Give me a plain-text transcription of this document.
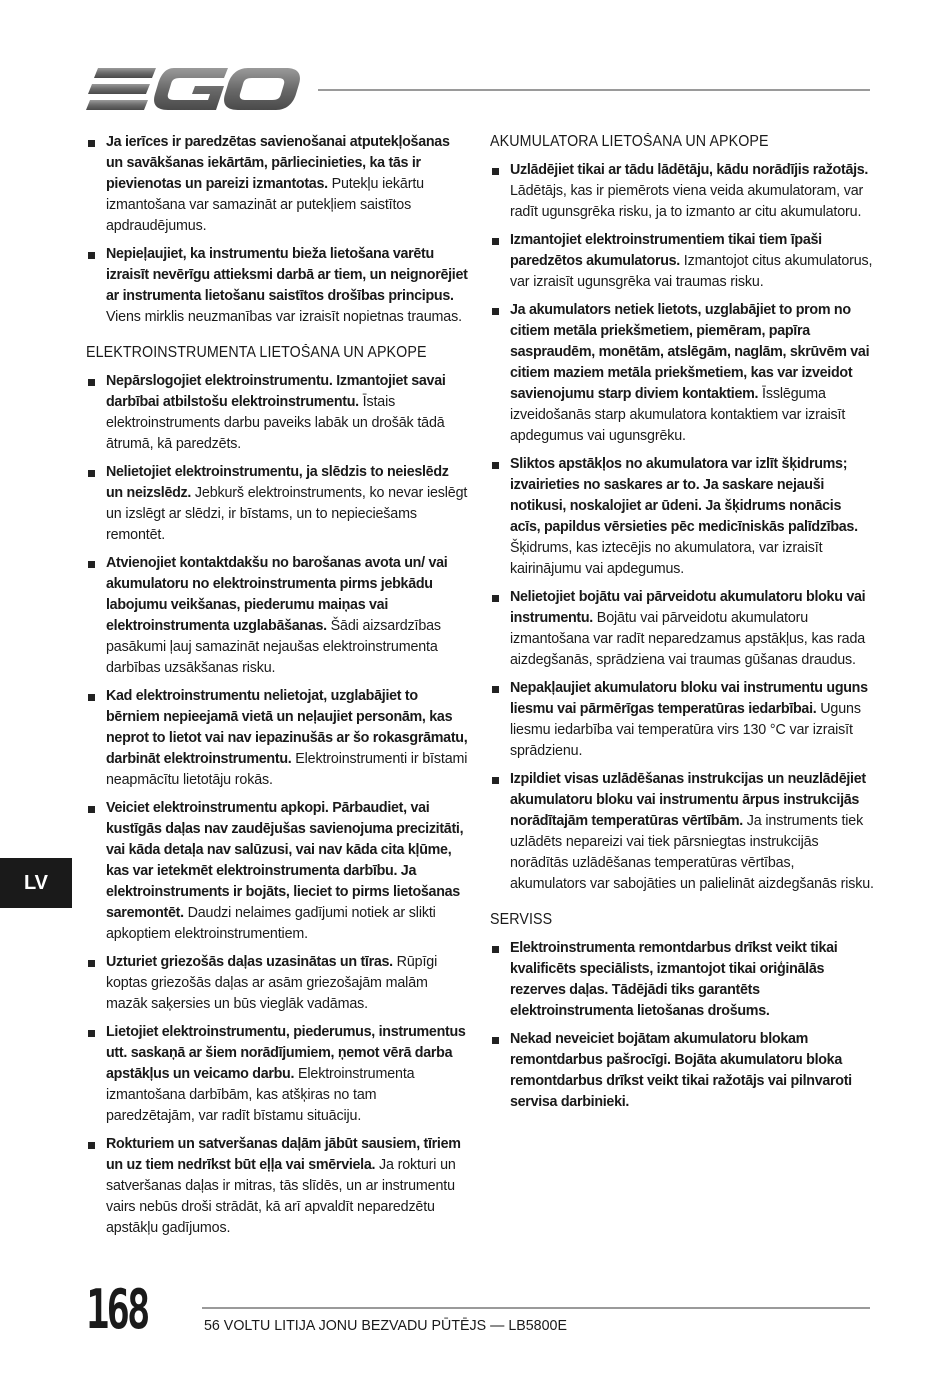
Ja ierīces ir paredzētas savienošanai atputekļošanas un savākšanas iekārtām, pārliecinieties, ka tās ir pievienotas un pareizi izmantotas. Putekļu iekārtu izmantošana var samazināt ar putekļiem saistītos apdraudējumus.
Nepieļaujiet, ka instrumentu bieža lietošana varētu izraisīt nevērīgu attieksmi darbā ar tiem, un neignorējiet ar instrumenta lietošanu saistītos drošības principus. Viens mirklis neuzmanības var izraisīt nopietnas traumas.
ELEKTROINSTRUMENTA LIETOŠANA UN APKOPE
Nepārslogojiet elektroinstrumentu. Izmantojiet savai darbībai atbilstošu elektroinstrumentu. Īstais elektroinstruments darbu paveiks labāk un drošāk tādā ātrumā, kā paredzēts.
Nelietojiet elektroinstrumentu, ja slēdzis to neieslēdz un neizslēdz. Jebkurš elektroinstruments, ko nevar ieslēgt un izslēgt ar slēdzi, ir bīstams, un to nepieciešams remontēt.
Atvienojiet kontaktdakšu no barošanas avota un/ vai akumulatoru no elektroinstrumenta pirms jebkādu labojumu veikšanas, piederumu maiņas vai elektroinstrumenta uzglabāšanas. Šādi aizsardzības pasākumi ļauj samazināt nejaušas elektroinstrumenta darbības uzsākšanas risku.
Kad elektroinstrumentu nelietojat, uzglabājiet to bērniem nepieejamā vietā un neļaujiet personām, kas neprot to lietot vai nav iepazinušās ar šo rokasgrāmatu, darbināt elektroinstrumentu. Elektroinstrumenti ir bīstami neapmācītu lietotāju rokās.
Veiciet elektroinstrumentu apkopi. Pārbaudiet, vai kustīgās daļas nav zaudējušas savienojuma precizitāti, vai kāda detaļa nav salūzusi, vai nav kāda cita kļūme, kas var ietekmēt elektroinstrumenta darbību. Ja elektroinstruments ir bojāts, lieciet to pirms lietošanas saremontēt. Daudzi nelaimes gadījumi notiek ar slikti apkoptiem elektroinstrumentiem.
Uzturiet griezošās daļas uzasinātas un tīras. Rūpīgi koptas griezošās daļas ar asām griezošajām malām mazāk saķersies un būs vieglāk vadāmas.
Lietojiet elektroinstrumentu, piederumus, instrumentus utt. saskaņā ar šiem norādījumiem, ņemot vērā darba apstākļus un veicamo darbu. Elektroinstrumenta izmantošana darbībām, kas atšķiras no tam paredzētajām, var radīt bīstamu situāciju.
Rokturiem un satveršanas daļām jābūt sausiem, tīriem un uz tiem nedrīkst būt eļļa vai smērviela. Ja rokturi un satveršanas daļas ir mitras, tās slīdēs, un ar instrumentu vairs nebūs droši strādāt, kā arī apvaldīt neparedzētu apstākļu gadījumos.
AKUMULATORA LIETOŠANA UN APKOPE
Uzlādējiet tikai ar tādu lādētāju, kādu norādījis ražotājs. Lādētājs, kas ir piemērots viena veida akumulatoram, var radīt ugunsgrēka risku, ja to izmanto ar citu akumulatoru.
Izmantojiet elektroinstrumentiem tikai tiem īpaši paredzētos akumulatorus. Izmantojot citus akumulatorus, var izraisīt ugunsgrēka vai traumas risku.
Ja akumulators netiek lietots, uzglabājiet to prom no citiem metāla priekšmetiem, piemēram, papīra saspraudēm, monētām, atslēgām, naglām, skrūvēm vai citiem maziem metāla priekšmetiem, kas var izveidot savienojumu starp diviem kontaktiem. Īsslēguma izveidošanās starp akumulatora kontaktiem var izraisīt apdegumus vai ugunsgrēku.
Sliktos apstākļos no akumulatora var izlīt šķidrums; izvairieties no saskares ar to. Ja saskare nejauši notikusi, noskalojiet ar ūdeni. Ja šķidrums nonācis acīs, papildus vērsieties pēc medicīniskās palīdzības. Šķidrums, kas iztecējis no akumulatora, var izraisīt kairinājumu vai apdegumus.
Nelietojiet bojātu vai pārveidotu akumulatoru bloku vai instrumentu. Bojātu vai pārveidotu akumulatoru izmantošana var radīt neparedzamus apstākļus, kas rada aizdegšanās, sprādziena vai traumas gūšanas draudus.
Nepakļaujiet akumulatoru bloku vai instrumentu uguns liesmu vai pārmērīgas temperatūras iedarbībai. Uguns liesmu iedarbība vai temperatūra virs 130 °C var izraisīt sprādzienu.
Izpildiet visas uzlādēšanas instrukcijas un neuzlādējiet akumulatoru bloku vai instrumentu ārpus instrukcijās norādītajām temperatūras vērtībām. Ja instruments tiek uzlādēts nepareizi vai tiek pārsniegtas instrukcijās norādītās uzlādēšanas temperatūras vērtības, akumulators var sabojāties un palielināt aizdegšanās risku.
SERVISS
Elektroinstrumenta remontdarbus drīkst veikt tikai kvalificēts speciālists, izmantojot tikai oriģinālās rezerves daļas. Tādējādi tiks garantēts elektroinstrumenta lietošanas drošums.
Nekad neveiciet bojātam akumulatoru blokam remontdarbus pašrocīgi. Bojāta akumulatoru bloka remontdarbus drīkst veikt tikai ražotājs vai pilnvaroti servisa darbinieki.
LV
168	56 VOLTU LITIJA JONU BEZVADU PŪTĒJS — LB5800E
